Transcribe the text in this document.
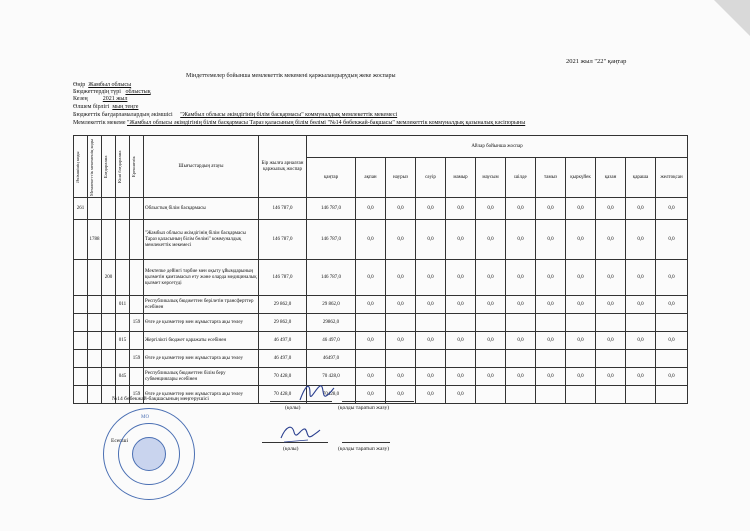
2021 жыл "22" қаңтар
Міндеттемелер бойынша мемлекеттік мекемені қаржыландырудың жеке жоспары
Өңір Жамбыл облысы
Бюджеттердің түрі облыстық
Кезең	2021 жыл
Өлшем бірлігі мың теңге
Бюджеттік бағдарламалардың әкімшісі "Жамбыл облысы әкімдігінің білім басқармасы" коммуналдық мемлекеттік мекемесі
Мемлекеттік мекеме "Жамбыл облысы әкімдігінің білім басқармасы Тараз қаласының білім бөлімі "№14 бөбекжай-бақшасы" мемлекеттік коммуналдық қазыналық кәсіпорыны
Әкімшінің коды	Мемлекеттік мекеменің коды	Бағдарлама	Кіші бағдарлама	Ерекшелік	Шығыстардың атауы	Бір жылға арналған қаржылық жоспар	Айлар бойынша жоспар											
							қаңтар	ақпан	наурыз	сәуір	мамыр	маусым	шілде	тамыз	қыркүйек	қазан	қараша	желтоқсан
261					Облыстың білім басқармасы	146 787,0	146 787,0	0,0	0,0	0,0	0,0	0,0	0,0	0,0	0,0	0,0	0,0	0,0
	1788				"Жамбыл облысы әкімдігінің білім басқармасы Тараз қаласының білім бөлімі" коммуналдық мемлекеттік мекемесі	146 787,0	146 787,0	0,0	0,0	0,0	0,0	0,0	0,0	0,0	0,0	0,0	0,0	0,0
		200			Мектепке дейінгі тәрбие мен оқыту ұйымдарының қызметін қамтамасыз ету және оларда медициналық қызмет көрсетуді	146 787,0	146 787,0	0,0	0,0	0,0	0,0	0,0	0,0	0,0	0,0	0,0	0,0	0,0
			011		Республикалық бюджеттен берілетін трансферттер есебінен	29 862,0	29 862,0	0,0	0,0	0,0	0,0	0,0	0,0	0,0	0,0	0,0	0,0	0,0
				159	Өзге де қызметтер мен жұмыстарға ақы төлеу	29 862,0	29862,0											
			015		Жергілікті бюджет қаражаты есебінен	46 497,0	46 497,0	0,0	0,0	0,0	0,0	0,0	0,0	0,0	0,0	0,0	0,0	0,0
				159	Өзге де қызметтер мен жұмыстарға ақы төлеу	46 497,0	46497,0											
			045		Республикалық бюджеттен білім беру субвенциялары есебінен	70 428,0	70 428,0	0,0	0,0	0,0	0,0	0,0	0,0	0,0	0,0	0,0	0,0	0,0
				159	Өзге де қызметтер мен жұмыстарға ақы төлеу	70 428,0	70428,0	0,0	0,0	0,0	0,0							
№14 бөбекжай-бақшасының меңгерушісі
(қолы)	(қолды таратып жазу)
Есепші
(қолы)	(қолды таратып жазу)
МО
